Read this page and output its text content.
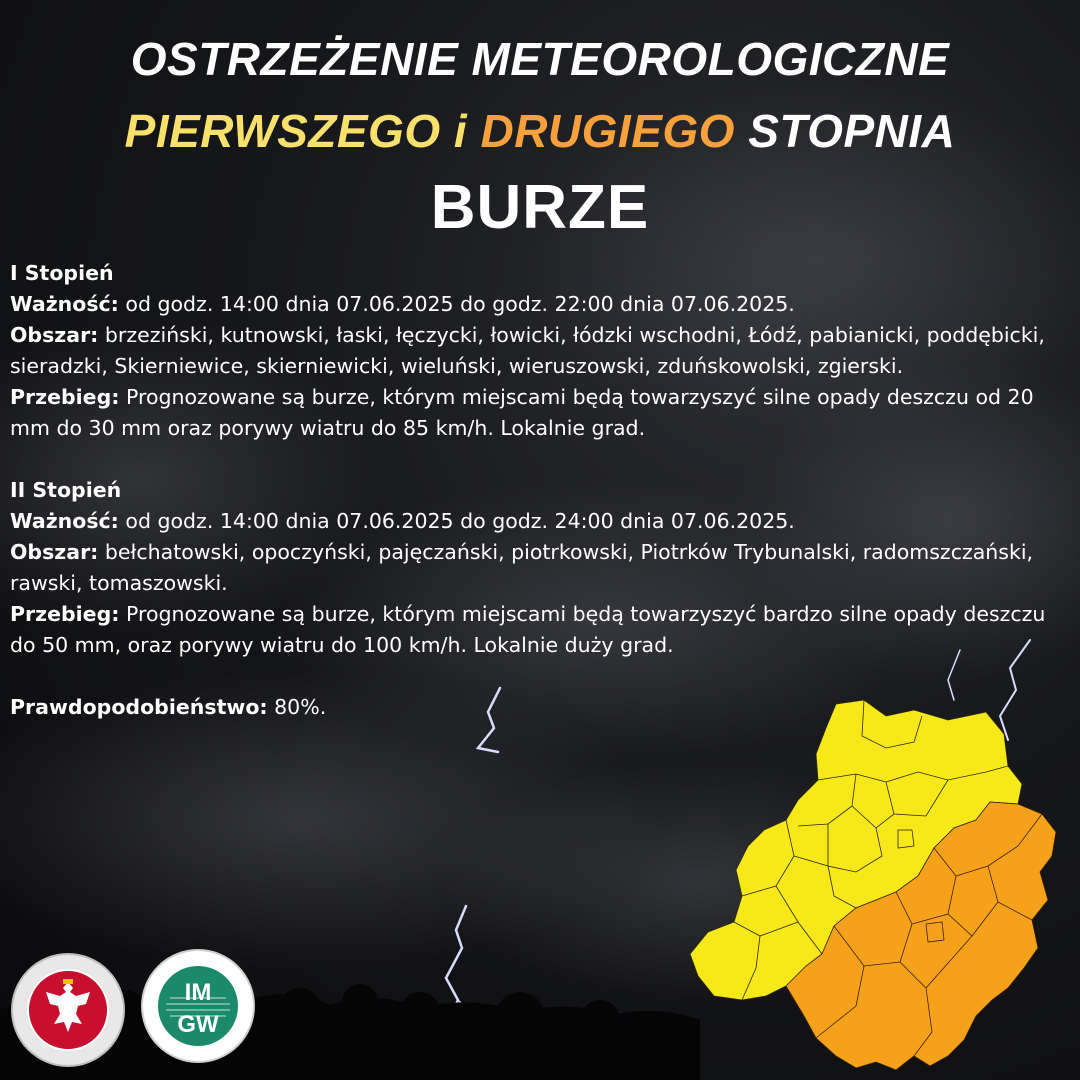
OSTRZEŻENIE METEOROLOGICZNE
PIERWSZEGO i DRUGIEGO STOPNIA
BURZE

I Stopień

Ważność: od godz. 14:00 dnia 07.06.2025 do godz. 22:00 dnia 07.06.2025.

Obszar: brzeziński, kutnowski, łaski, łęczycki, łowicki, łódzki wschodni, Łódź, pabianicki, poddębicki, sieradzki, Skierniewice, skierniewicki, wieluński, wieruszowski, zduńskowolski, zgierski.

Przebieg: Prognozowane są burze, którym miejscami będą towarzyszyć silne opady deszczu od 20 mm do 30 mm oraz porywy wiatru do 85 km/h. Lokalnie grad.

II Stopień

Ważność: od godz. 14:00 dnia 07.06.2025 do godz. 24:00 dnia 07.06.2025.

Obszar: bełchatowski, opoczyński, pajęczański, piotrkowski, Piotrków Trybunalski, radomszczański, rawski, tomaszowski.

Przebieg: Prognozowane są burze, którym miejscami będą towarzyszyć bardzo silne opady deszczu do 50 mm, oraz porywy wiatru do 100 km/h. Lokalnie duży grad.

Prawdopodobieństwo: 80%.

IM
GW
